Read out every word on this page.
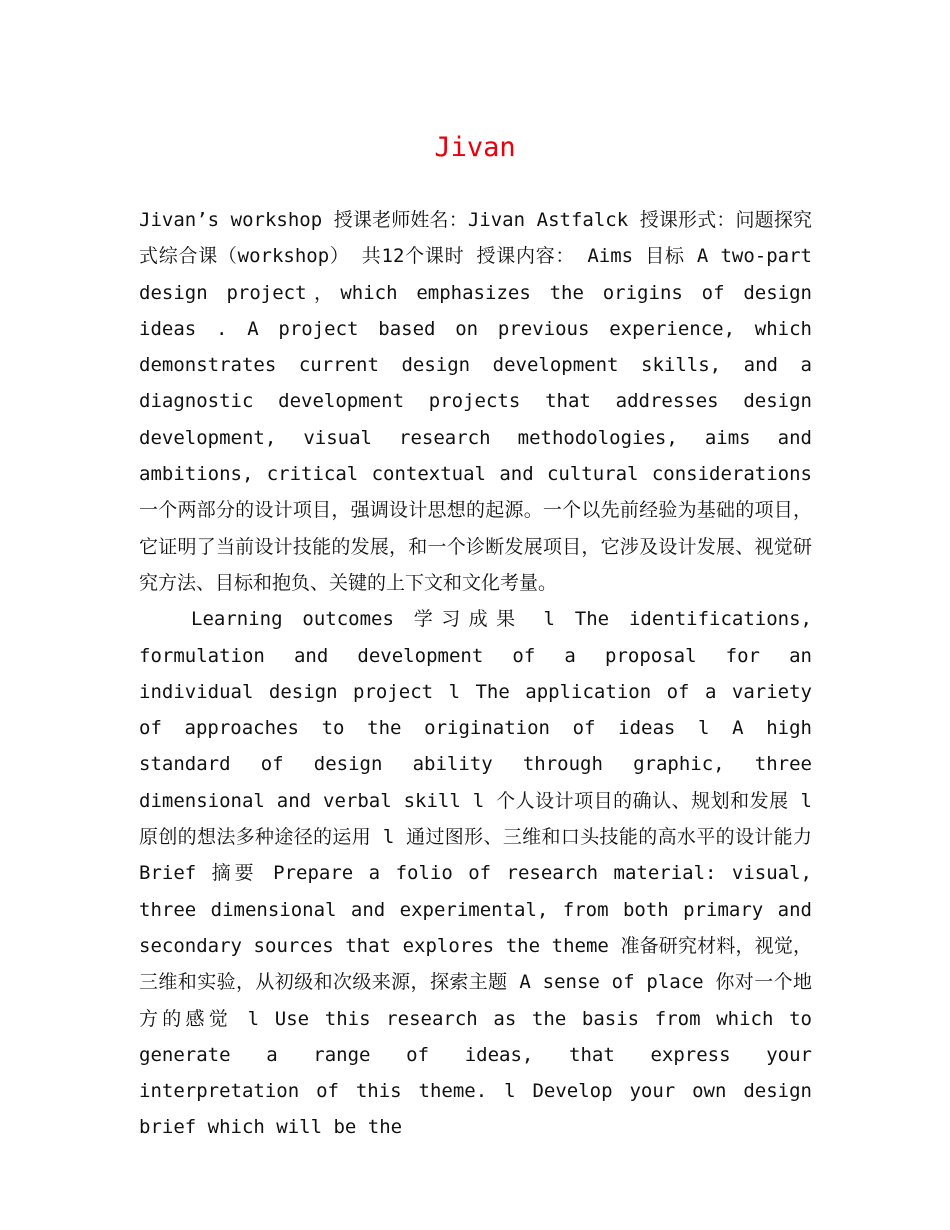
Jivan

Jivan’s workshop 授课老师姓名：Jivan Astfalck 授课形式：问题探究式综合课（workshop） 共12个课时 授课内容： Aims 目标 A two-part design project，which emphasizes the origins of design ideas . A project based on previous experience, which demonstrates current design development skills, and a diagnostic development projects that addresses design development, visual research methodologies, aims and ambitions, critical contextual and cultural considerations 一个两部分的设计项目，强调设计思想的起源。一个以先前经验为基础的项目，它证明了当前设计技能的发展，和一个诊断发展项目，它涉及设计发展、视觉研究方法、目标和抱负、关键的上下文和文化考量。

Learning outcomes 学习成果 l The identifications, formulation and development of a proposal for an individual design project l The application of a variety of approaches to the origination of ideas l A high standard of design ability through graphic, three dimensional and verbal skill l 个人设计项目的确认、规划和发展 l 原创的想法多种途径的运用 l 通过图形、三维和口头技能的高水平的设计能力 Brief 摘要 Prepare a folio of research material: visual, three dimensional and experimental, from both primary and secondary sources that explores the theme 准备研究材料，视觉，三维和实验，从初级和次级来源，探索主题 A sense of place 你对一个地方的感觉 l Use this research as the basis from which to generate a range of ideas, that express your interpretation of this theme. l Develop your own design brief which will be the
